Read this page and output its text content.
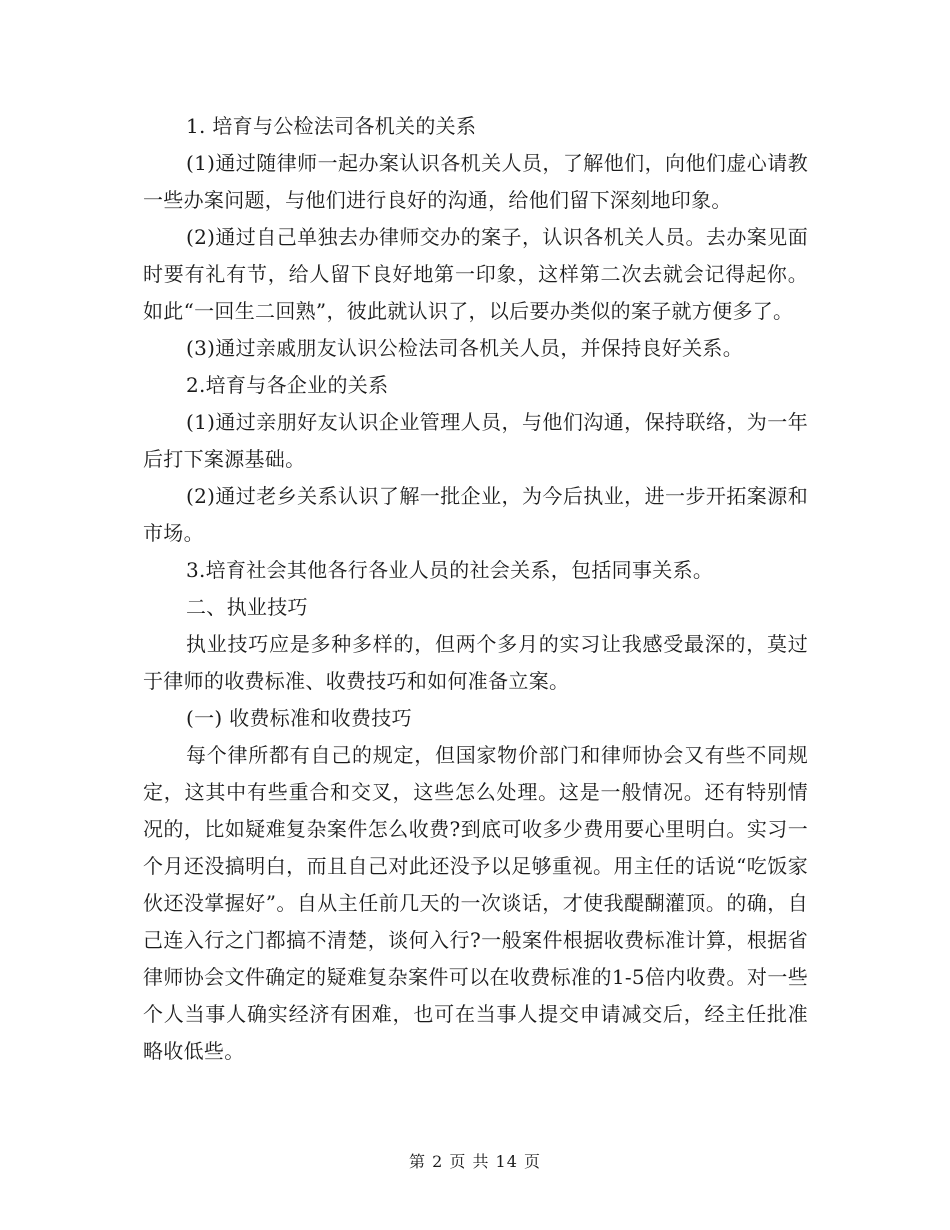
1. 培育与公检法司各机关的关系

(1)通过随律师一起办案认识各机关人员，了解他们，向他们虚心请教一些办案问题，与他们进行良好的沟通，给他们留下深刻地印象。

(2)通过自己单独去办律师交办的案子，认识各机关人员。去办案见面时要有礼有节，给人留下良好地第一印象，这样第二次去就会记得起你。如此“一回生二回熟”，彼此就认识了，以后要办类似的案子就方便多了。

(3)通过亲戚朋友认识公检法司各机关人员，并保持良好关系。

2.培育与各企业的关系

(1)通过亲朋好友认识企业管理人员，与他们沟通，保持联络，为一年后打下案源基础。

(2)通过老乡关系认识了解一批企业，为今后执业，进一步开拓案源和市场。

3.培育社会其他各行各业人员的社会关系，包括同事关系。

二、执业技巧

执业技巧应是多种多样的，但两个多月的实习让我感受最深的，莫过于律师的收费标准、收费技巧和如何准备立案。

(一) 收费标准和收费技巧

每个律所都有自己的规定，但国家物价部门和律师协会又有些不同规定，这其中有些重合和交叉，这些怎么处理。这是一般情况。还有特别情况的，比如疑难复杂案件怎么收费?到底可收多少费用要心里明白。实习一个月还没搞明白，而且自己对此还没予以足够重视。用主任的话说“吃饭家伙还没掌握好”。自从主任前几天的一次谈话，才使我醍醐灌顶。的确，自己连入行之门都搞不清楚，谈何入行?一般案件根据收费标准计算，根据省律师协会文件确定的疑难复杂案件可以在收费标准的1-5倍内收费。对一些个人当事人确实经济有困难，也可在当事人提交申请减交后，经主任批准略收低些。

第 2 页 共 14 页
